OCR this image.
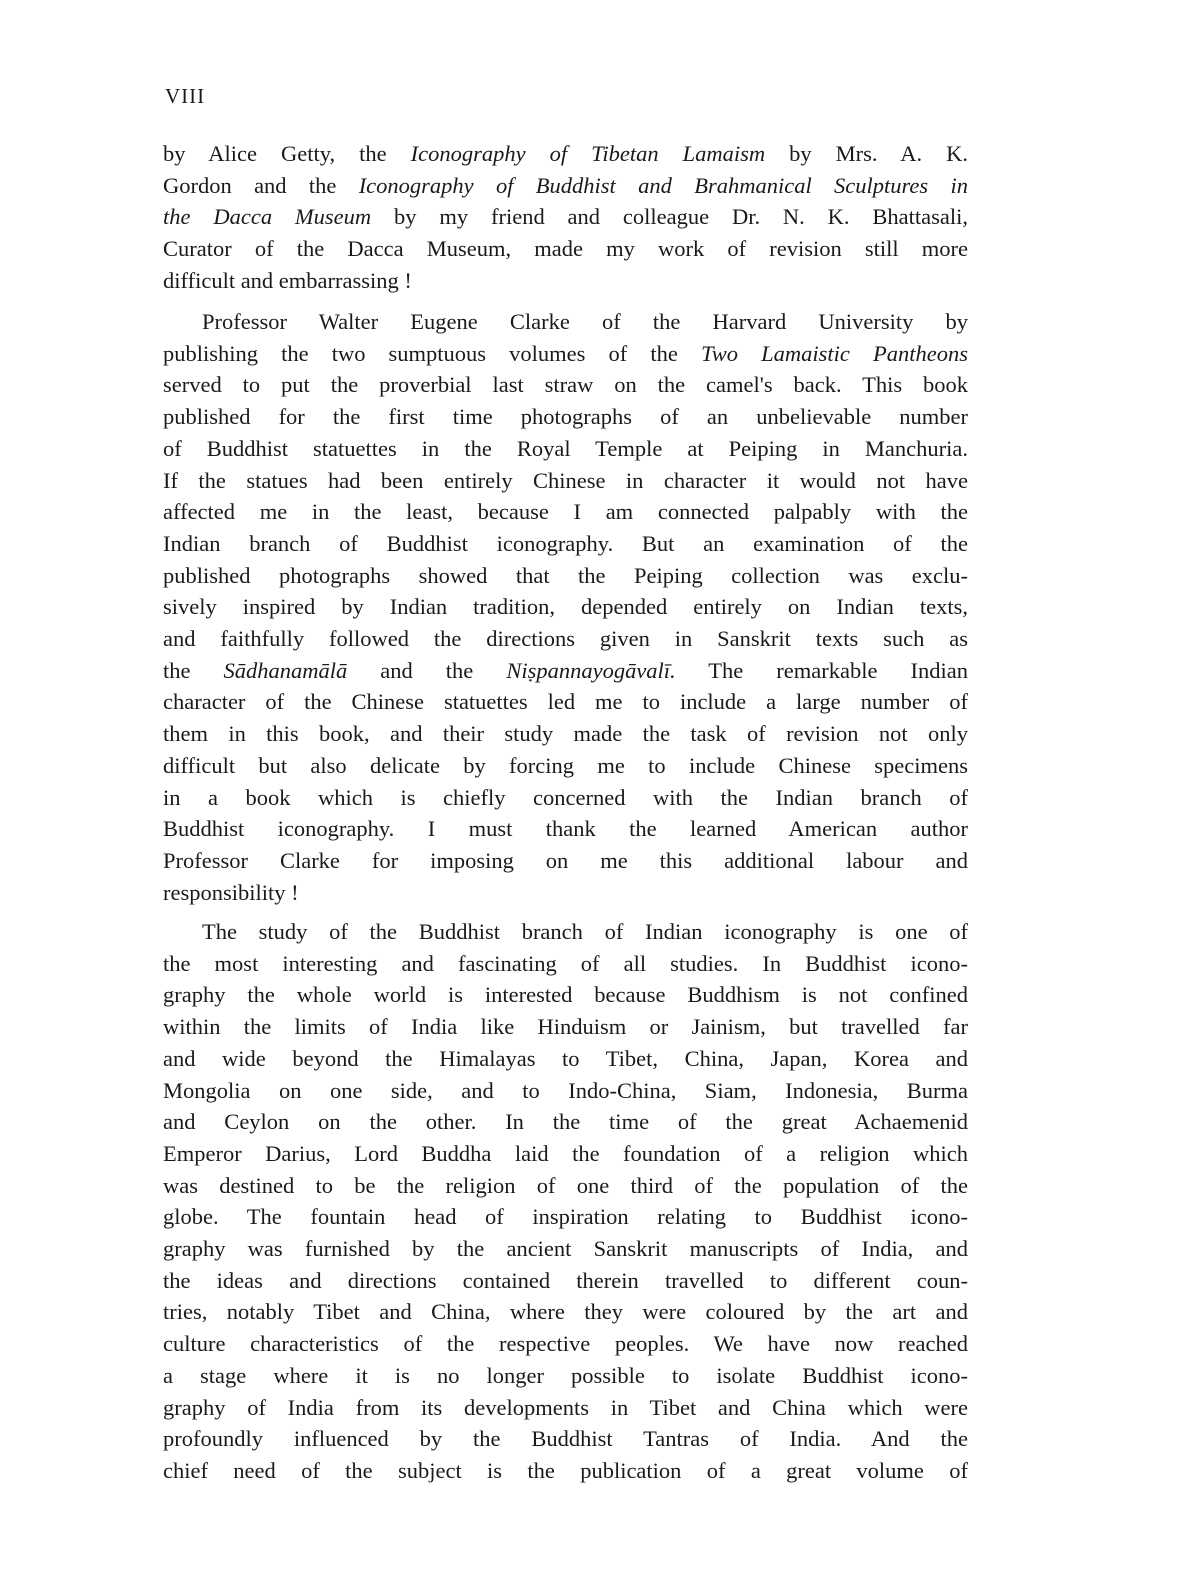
VIII
by Alice Getty, the Iconography of Tibetan Lamaism by Mrs. A. K.
Gordon and the Iconography of Buddhist and Brahmanical Sculptures in
the Dacca Museum by my friend and colleague Dr. N. K. Bhattasali,
Curator of the Dacca Museum, made my work of revision still more
difficult and embarrassing !
Professor Walter Eugene Clarke of the Harvard University by
publishing the two sumptuous volumes of the Two Lamaistic Pantheons
served to put the proverbial last straw on the camel's back. This book
published for the first time photographs of an unbelievable number
of Buddhist statuettes in the Royal Temple at Peiping in Manchuria.
If the statues had been entirely Chinese in character it would not have
affected me in the least, because I am connected palpably with the
Indian branch of Buddhist iconography. But an examination of the
published photographs showed that the Peiping collection was exclu-
sively inspired by Indian tradition, depended entirely on Indian texts,
and faithfully followed the directions given in Sanskrit texts such as
the Sādhanamālā and the Niṣpannayogāvalī. The remarkable Indian
character of the Chinese statuettes led me to include a large number of
them in this book, and their study made the task of revision not only
difficult but also delicate by forcing me to include Chinese specimens
in a book which is chiefly concerned with the Indian branch of
Buddhist iconography. I must thank the learned American author
Professor Clarke for imposing on me this additional labour and
responsibility !
The study of the Buddhist branch of Indian iconography is one of
the most interesting and fascinating of all studies. In Buddhist icono-
graphy the whole world is interested because Buddhism is not confined
within the limits of India like Hinduism or Jainism, but travelled far
and wide beyond the Himalayas to Tibet, China, Japan, Korea and
Mongolia on one side, and to Indo-China, Siam, Indonesia, Burma
and Ceylon on the other. In the time of the great Achaemenid
Emperor Darius, Lord Buddha laid the foundation of a religion which
was destined to be the religion of one third of the population of the
globe. The fountain head of inspiration relating to Buddhist icono-
graphy was furnished by the ancient Sanskrit manuscripts of India, and
the ideas and directions contained therein travelled to different coun-
tries, notably Tibet and China, where they were coloured by the art and
culture characteristics of the respective peoples. We have now reached
a stage where it is no longer possible to isolate Buddhist icono-
graphy of India from its developments in Tibet and China which were
profoundly influenced by the Buddhist Tantras of India. And the
chief need of the subject is the publication of a great volume of
